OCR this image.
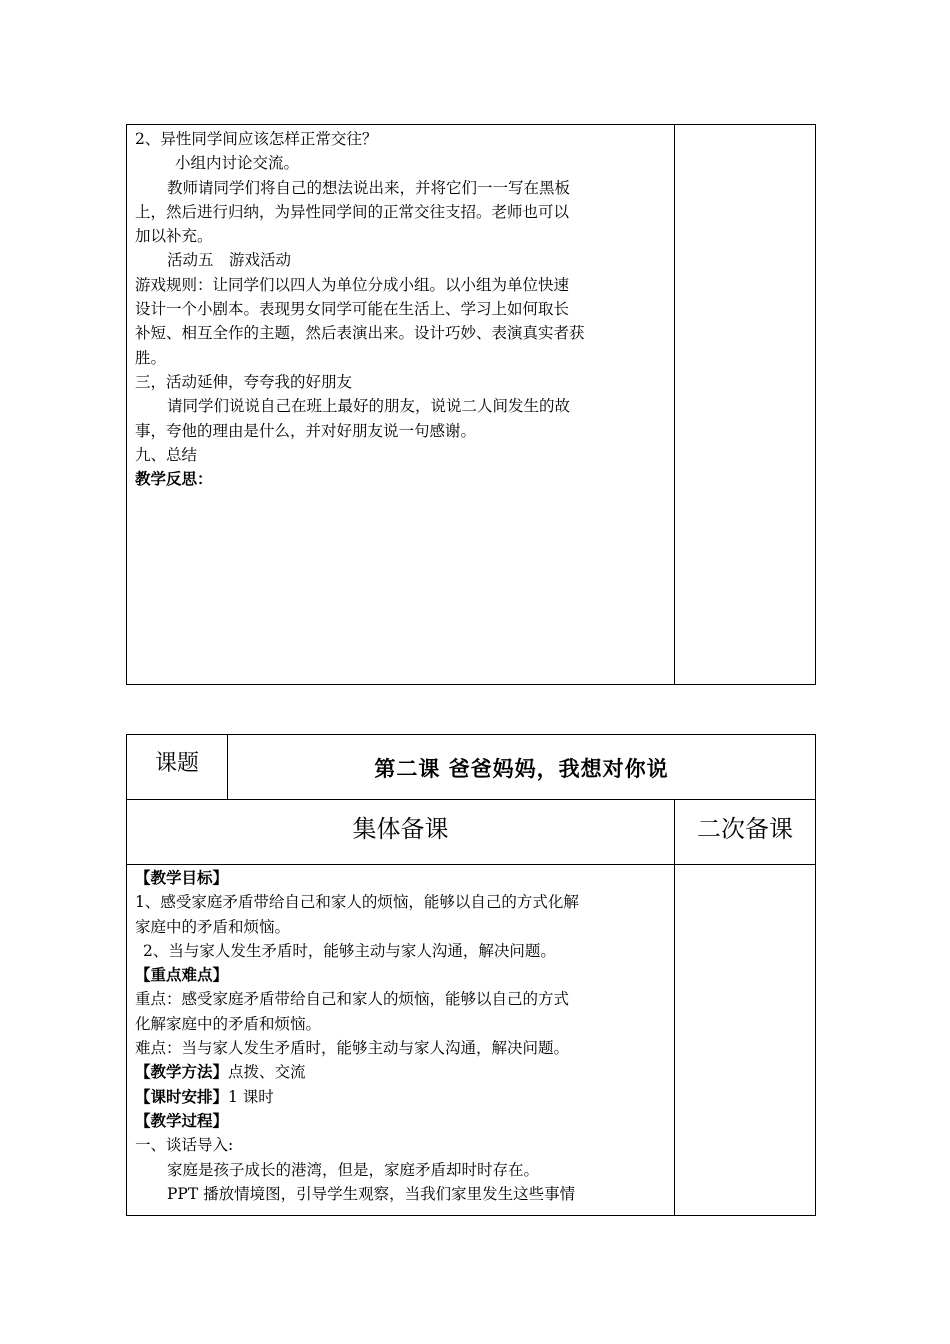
2、异性同学间应该怎样正常交往？
小组内讨论交流。
教师请同学们将自己的想法说出来，并将它们一一写在黑板
上，然后进行归纳，为异性同学间的正常交往支招。老师也可以
加以补充。
活动五　游戏活动
游戏规则：让同学们以四人为单位分成小组。以小组为单位快速
设计一个小剧本。表现男女同学可能在生活上、学习上如何取长
补短、相互全作的主题，然后表演出来。设计巧妙、表演真实者获
胜。
三，活动延伸，夸夸我的好朋友
请同学们说说自己在班上最好的朋友，说说二人间发生的故
事，夸他的理由是什么，并对好朋友说一句感谢。
九、总结
教学反思：
课题	第二课 爸爸妈妈，我想对你说
集体备课	二次备课
【教学目标】
1、感受家庭矛盾带给自己和家人的烦恼，能够以自己的方式化解
家庭中的矛盾和烦恼。
2、当与家人发生矛盾时，能够主动与家人沟通，解决问题。
【重点难点】
重点：感受家庭矛盾带给自己和家人的烦恼，能够以自己的方式
化解家庭中的矛盾和烦恼。
难点：当与家人发生矛盾时，能够主动与家人沟通，解决问题。
【教学方法】点拨、交流
【课时安排】1 课时
【教学过程】
一、谈话导入:
家庭是孩子成长的港湾，但是，家庭矛盾却时时存在。
PPT 播放情境图，引导学生观察，当我们家里发生这些事情
